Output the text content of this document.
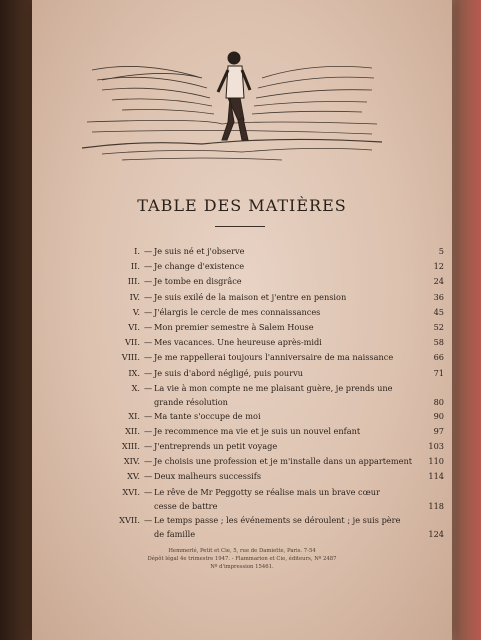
TABLE DES MATIÈRES
I. — Je suis né et j'observe	5
II. — Je change d'existence	12
III. — Je tombe en disgrâce	24
IV. — Je suis exilé de la maison et j'entre en pension	36
V. — J'élargis le cercle de mes connaissances	45
VI. — Mon premier semestre à Salem House	52
VII. — Mes vacances. Une heureuse après-midi	58
VIII. — Je me rappellerai toujours l'anniversaire de ma naissance	66
IX. — Je suis d'abord négligé, puis pourvu	71
X. — La vie à mon compte ne me plaisant guère, je prends une
grande résolution	80
XI. — Ma tante s'occupe de moi	90
XII. — Je recommence ma vie et je suis un nouvel enfant	97
XIII. — J'entreprends un petit voyage	103
XIV. — Je choisis une profession et je m'installe dans un appartement	110
XV. — Deux malheurs successifs	114
XVI. — Le rêve de Mr Peggotty se réalise mais un brave cœur
cesse de battre	118
XVII. — Le temps passe ; les événements se déroulent ; je suis père
de famille	124
Hemmerlé, Petit et Cie, 5, rue de Damiette, Paris. 7-54
Dépôt légal 4e trimestre 1947. - Flammarion et Cie, éditeurs, Nº 2487
Nº d'impression 15461.
